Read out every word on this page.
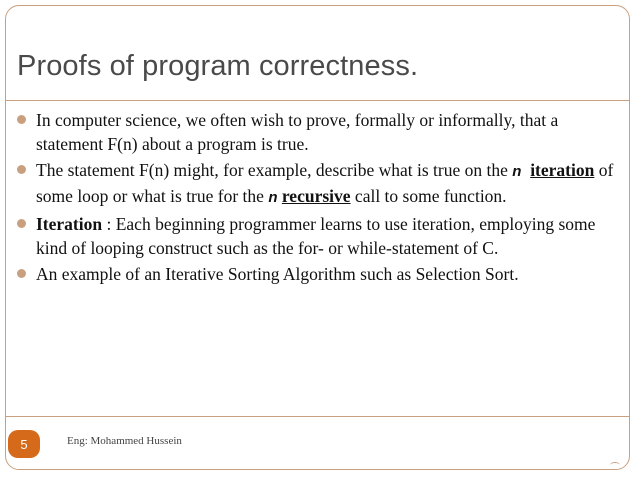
Proofs of program correctness.
In computer science, we often wish to prove, formally or informally, that a statement F(n) about a program is true.
The statement F(n) might, for example, describe what is true on the n iteration of some loop or what is true for the n recursive call to some function.
Iteration : Each beginning programmer learns to use iteration, employing some kind of looping construct such as the for- or while-statement of C.
An example of an Iterative Sorting Algorithm such as Selection Sort.
5	Eng: Mohammed Hussein
